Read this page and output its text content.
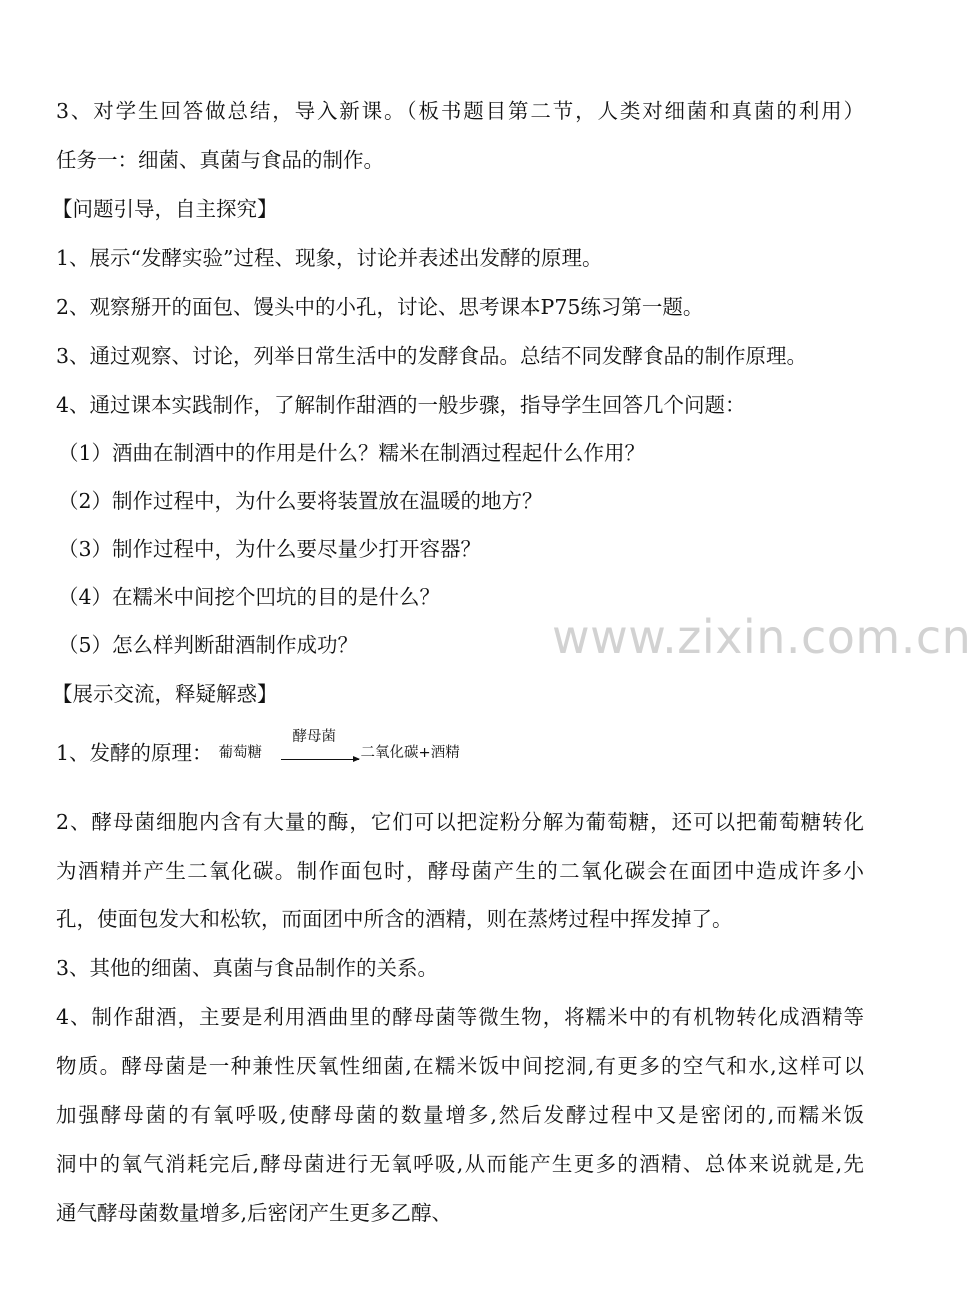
www.zixin.com.cn
3、对学生回答做总结，导入新课。（板书题目第二节，人类对细菌和真菌的利用）
任务一：细菌、真菌与食品的制作。
【问题引导，自主探究】
1、展示“发酵实验”过程、现象，讨论并表述出发酵的原理。
2、观察掰开的面包、馒头中的小孔，讨论、思考课本P75练习第一题。
3、通过观察、讨论，列举日常生活中的发酵食品。总结不同发酵食品的制作原理。
4、通过课本实践制作，了解制作甜酒的一般步骤，指导学生回答几个问题：
（1）酒曲在制酒中的作用是什么？糯米在制酒过程起什么作用？
（2）制作过程中，为什么要将装置放在温暖的地方？
（3）制作过程中，为什么要尽量少打开容器？
（4）在糯米中间挖个凹坑的目的是什么？
（5）怎么样判断甜酒制作成功？
【展示交流，释疑解惑】
1、发酵的原理： 葡萄糖
酵母菌
→ 二氧化碳+酒精
2、酵母菌细胞内含有大量的酶，它们可以把淀粉分解为葡萄糖，还可以把葡萄糖转化
为酒精并产生二氧化碳。制作面包时，酵母菌产生的二氧化碳会在面团中造成许多小
孔，使面包发大和松软，而面团中所含的酒精，则在蒸烤过程中挥发掉了。
3、其他的细菌、真菌与食品制作的关系。
4、制作甜酒，主要是利用酒曲里的酵母菌等微生物，将糯米中的有机物转化成酒精等
物质。酵母菌是一种兼性厌氧性细菌,在糯米饭中间挖洞,有更多的空气和水,这样可以
加强酵母菌的有氧呼吸,使酵母菌的数量增多,然后发酵过程中又是密闭的,而糯米饭
洞中的氧气消耗完后,酵母菌进行无氧呼吸,从而能产生更多的酒精、总体来说就是,先
通气酵母菌数量增多,后密闭产生更多乙醇、
